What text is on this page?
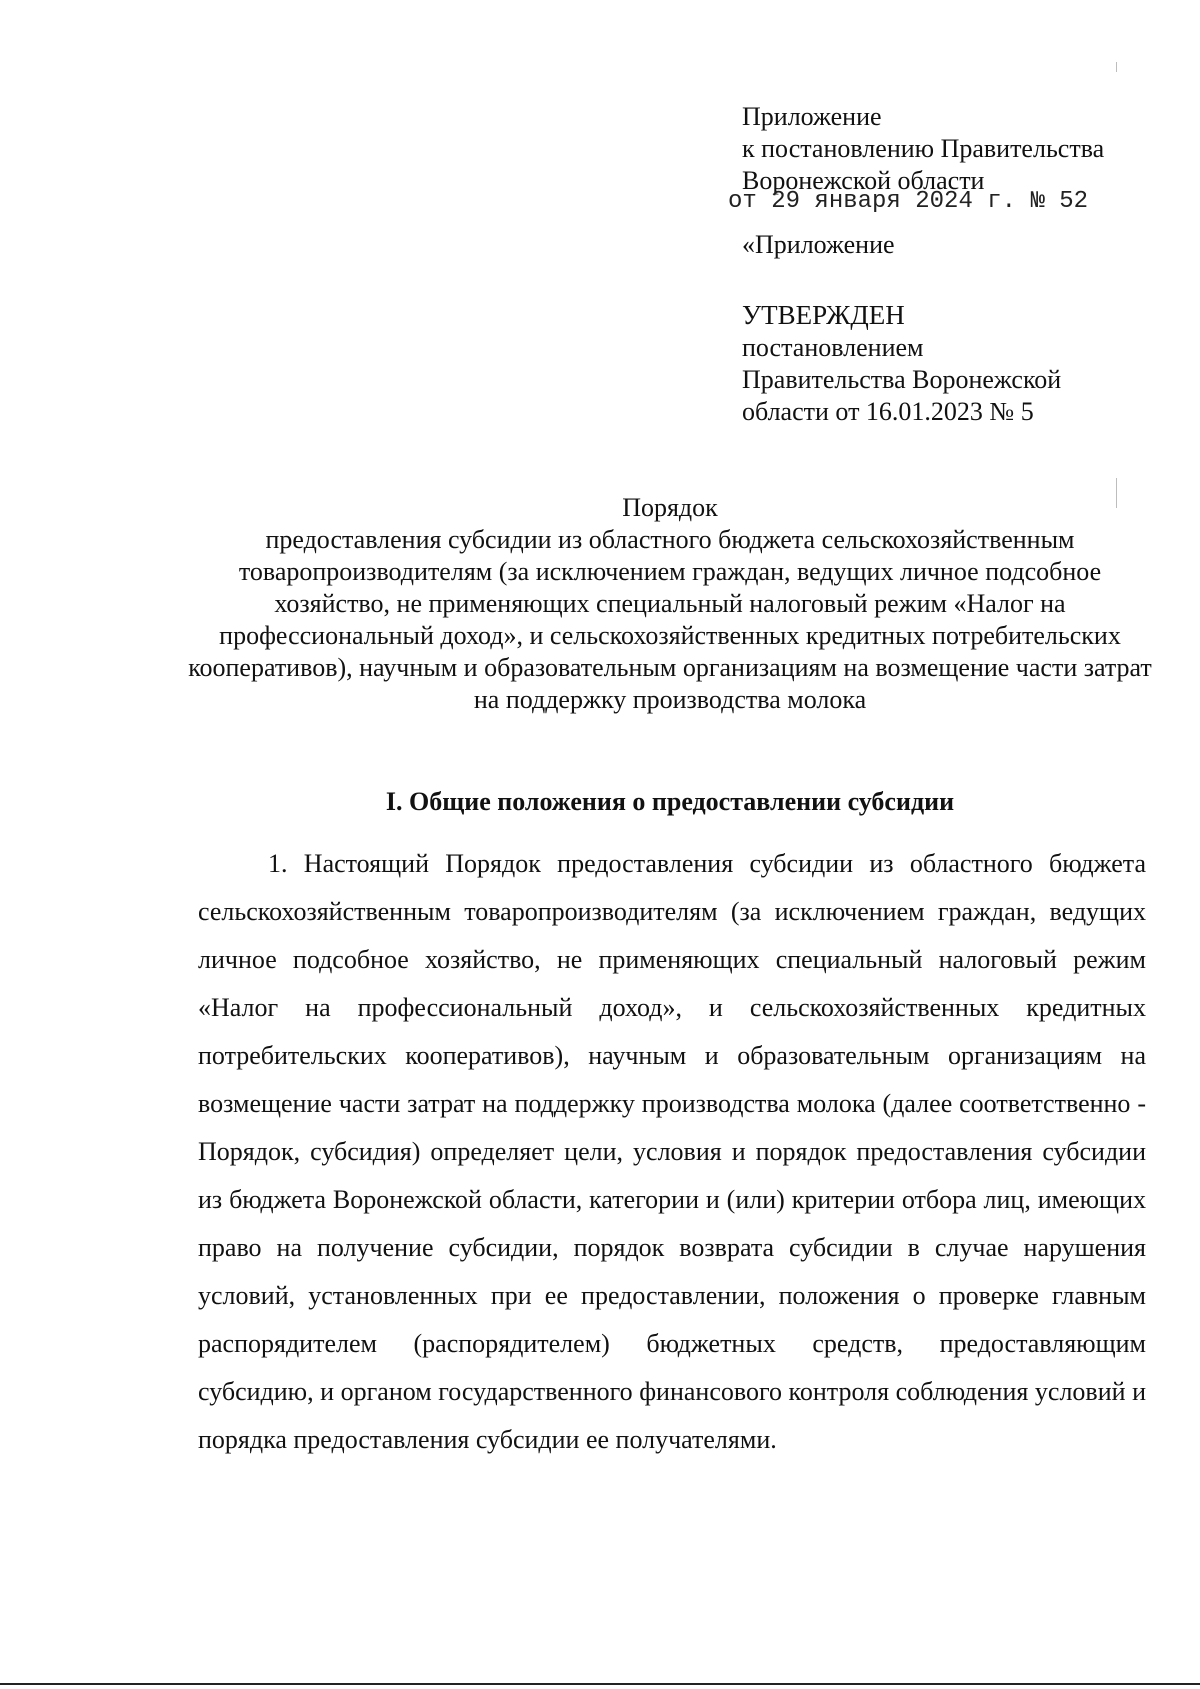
Приложение
к постановлению Правительства
Воронежской области
от 29 января 2024 г. № 52
«Приложение
УТВЕРЖДЕН
постановлением
Правительства Воронежской
области от 16.01.2023 № 5
Порядок
предоставления субсидии из областного бюджета сельскохозяйственным товаропроизводителям (за исключением граждан, ведущих личное подсобное хозяйство, не применяющих специальный налоговый режим «Налог на профессиональный доход», и сельскохозяйственных кредитных потребительских кооперативов), научным и образовательным организациям на возмещение части затрат на поддержку производства молока
I. Общие положения о предоставлении субсидии

1. Настоящий Порядок предоставления субсидии из областного бюджета сельскохозяйственным товаропроизводителям (за исключением граждан, ведущих личное подсобное хозяйство, не применяющих специальный налоговый режим «Налог на профессиональный доход», и сельскохозяйственных кредитных потребительских кооперативов), научным и образовательным организациям на возмещение части затрат на поддержку производства молока (далее соответственно - Порядок, субсидия) определяет цели, условия и порядок предоставления субсидии из бюджета Воронежской области, категории и (или) критерии отбора лиц, имеющих право на получение субсидии, порядок возврата субсидии в случае нарушения условий, установленных при ее предоставлении, положения о проверке главным распорядителем (распорядителем) бюджетных средств, предоставляющим субсидию, и органом государственного финансового контроля соблюдения условий и порядка предоставления субсидии ее получателями.
